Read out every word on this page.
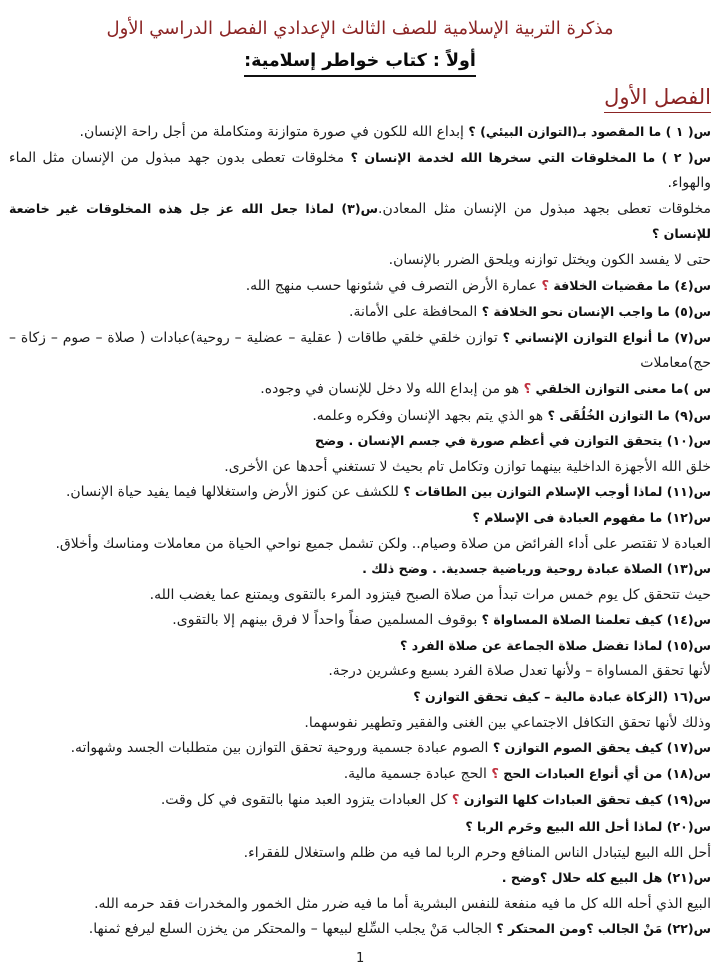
مذكرة التربية الإسلامية للصف الثالث الإعدادي الفصل الدراسي الأول
أولاً : كتاب خواطر إسلامية:
الفصل الأول

س( ١ ) ما المقصود بـ(التوازن البيئي) ؟ إبداع الله للكون في صورة متوازنة ومتكاملة من أجل راحة الإنسان.

س( ٢ ) ما المخلوقات التي سخرها الله لخدمة الإنسان ؟ مخلوقات تعطى بدون جهد مبذول من الإنسان مثل الماء والهواء.

مخلوقات تعطى بجهد مبذول من الإنسان مثل المعادن.س(٣) لماذا جعل الله عز جل هذه المخلوقات غير خاضعة للإنسان ؟

حتى لا يفسد الكون ويختل توازنه ويلحق الضرر بالإنسان.

س(٤) ما مقضيات الخلافة ؟ عمارة الأرض التصرف في شئونها حسب منهج الله.

س(٥) ما واجب الإنسان نحو الخلافة ؟ المحافظة على الأمانة.

س(٧) ما أنواع التوازن الإنساني ؟ توازن خلقي خلقي طاقات ( عقلية – عضلية – روحية)عبادات ( صلاة – صوم – زكاة – حج)معاملات

س )ما معنى التوازن الخلقي ؟ هو من إبداع الله ولا دخل للإنسان في وجوده.

س(٩) ما التوازن الخُلُقَى ؟ هو الذي يتم بجهد الإنسان وفكره وعلمه.

س(١٠) يتحقق التوازن في أعظم صورة في جسم الإنسان . وضح

خلق الله الأجهزة الداخلية بينهما توازن وتكامل تام بحيث لا تستغني أحدها عن الأخرى.

س(١١) لماذا أوجب الإسلام التوازن بين الطاقات ؟ للكشف عن كنوز الأرض واستغلالها فيما يفيد حياة الإنسان.

س(١٢) ما مفهوم العبادة فى الإسلام ؟

العبادة لا تقتصر على أداء الفرائض من صلاة وصيام.. ولكن تشمل جميع نواحي الحياة من معاملات ومناسك وأخلاق.

س(١٣) الصلاة عبادة روحية ورياضية جسدية. . وضح ذلك .

حيث تتحقق كل يوم خمس مرات تبدأ من صلاة الصبح فيتزود المرء بالتقوى ويمتنع عما يغضب الله.

س(١٤) كيف تعلمنا الصلاة المساواة ؟ بوقوف المسلمين صفاً واحداً لا فرق بينهم إلا بالتقوى.

س(١٥) لماذا تفضل صلاة الجماعة عن صلاة الفرد ؟

لأنها تحقق المساواة – ولأنها تعدل صلاة الفرد بسبع وعشرين درجة.

س(١٦ (الزكاة عبادة مالية – كيف تحقق التوازن ؟

وذلك لأنها تحقق التكافل الاجتماعي بين الغنى والفقير وتطهير نفوسهما.

س(١٧) كيف يحقق الصوم التوازن ؟ الصوم عبادة جسمية وروحية تحقق التوازن بين متطلبات الجسد وشهواته.

س(١٨) من أي أنواع العبادات الحج ؟ الحج عبادة جسمية مالية.

س(١٩) كيف تحقق العبادات كلها التوازن ؟ كل العبادات يتزود العبد منها بالتقوى في كل وقت.

س(٢٠) لماذا أحل الله البيع وحَرم الربا ؟

أحل الله البيع ليتبادل الناس المنافع وحرم الربا لما فيه من ظلم واستغلال للفقراء.

س(٢١) هل البيع كله حلال ؟وضح .

البيع الذي أحله الله كل ما فيه منفعة للنفس البشرية أما ما فيه ضرر مثل الخمور والمخدرات فقد حرمه الله.

س(٢٢) مَنْ الجالب ؟ومن المحتكر ؟ الجالب مَنْ يجلب السِّلع لبيعها – والمحتكر من يخزن السلع ليرفع ثمنها.

1
